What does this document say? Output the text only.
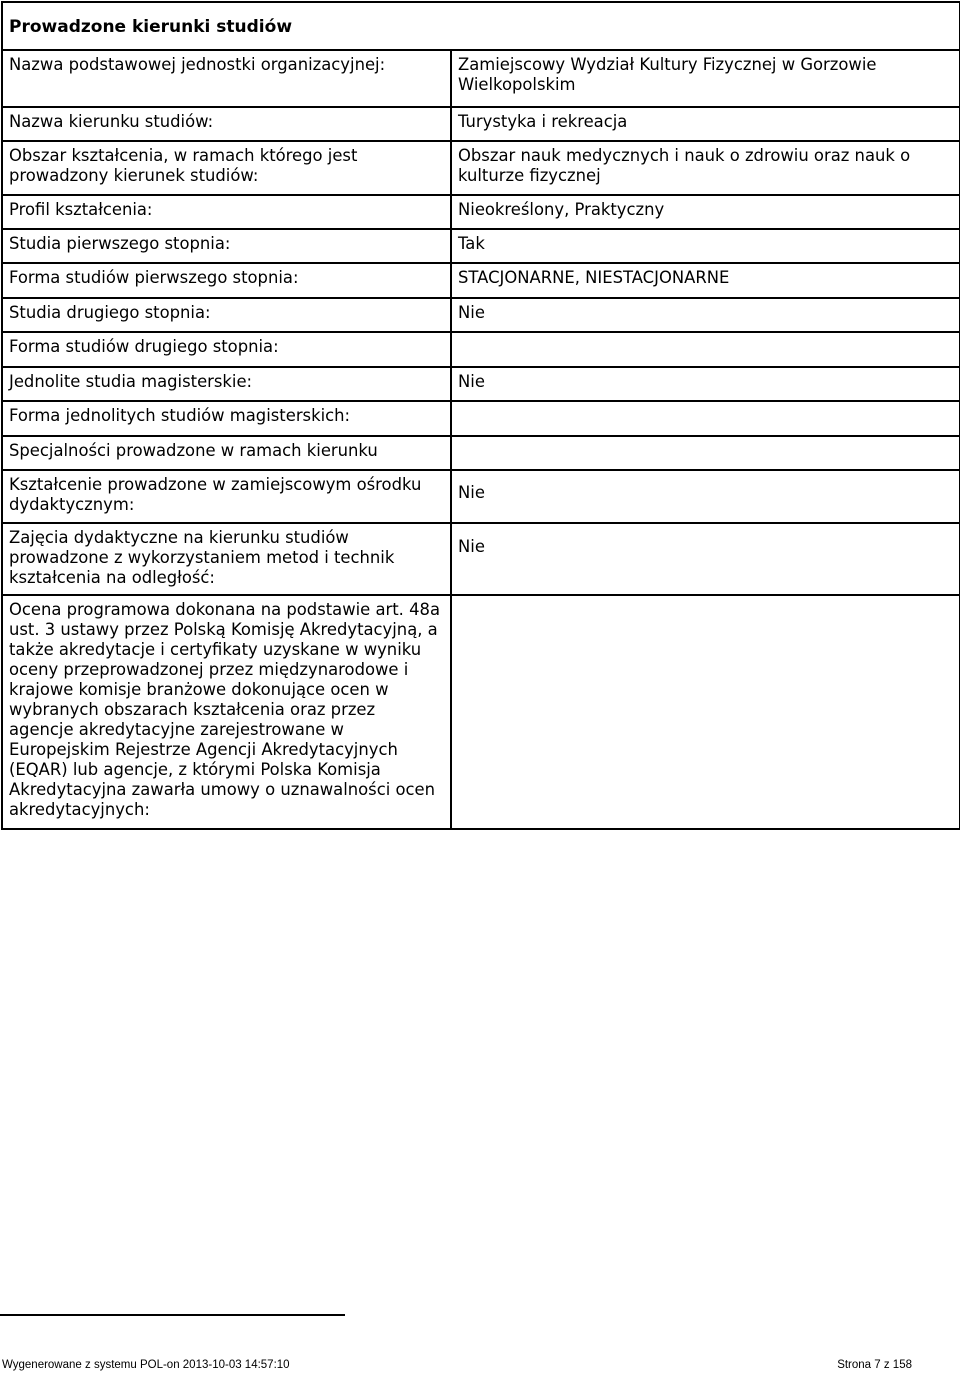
Prowadzone kierunki studiów	
Nazwa podstawowej jednostki organizacyjnej:	Zamiejscowy Wydział Kultury Fizycznej w Gorzowie Wielkopolskim
Nazwa kierunku studiów:	Turystyka i rekreacja
Obszar kształcenia, w ramach którego jest prowadzony kierunek studiów:	Obszar nauk medycznych i nauk o zdrowiu oraz nauk o kulturze fizycznej
Profil kształcenia:	Nieokreślony, Praktyczny
Studia pierwszego stopnia:	Tak
Forma studiów pierwszego stopnia:	STACJONARNE, NIESTACJONARNE
Studia drugiego stopnia:	Nie
Forma studiów drugiego stopnia:	
Jednolite studia magisterskie:	Nie
Forma jednolitych studiów magisterskich:	
Specjalności prowadzone w ramach kierunku	
Kształcenie prowadzone w zamiejscowym ośrodku dydaktycznym:	Nie
Zajęcia dydaktyczne na kierunku studiów prowadzone z wykorzystaniem metod i technik kształcenia na odległość:	Nie
Ocena programowa dokonana na podstawie art. 48a ust. 3 ustawy przez Polską Komisję Akredytacyjną, a także akredytacje i certyfikaty uzyskane w wyniku oceny przeprowadzonej przez międzynarodowe i krajowe komisje branżowe dokonujące ocen w wybranych obszarach kształcenia oraz przez agencje akredytacyjne zarejestrowane w Europejskim Rejestrze Agencji Akredytacyjnych (EQAR) lub agencje, z którymi Polska Komisja Akredytacyjna zawarła umowy o uznawalności ocen akredytacyjnych:	
Wygenerowane z systemu POL-on 2013-10-03 14:57:10	Strona 7 z 158
